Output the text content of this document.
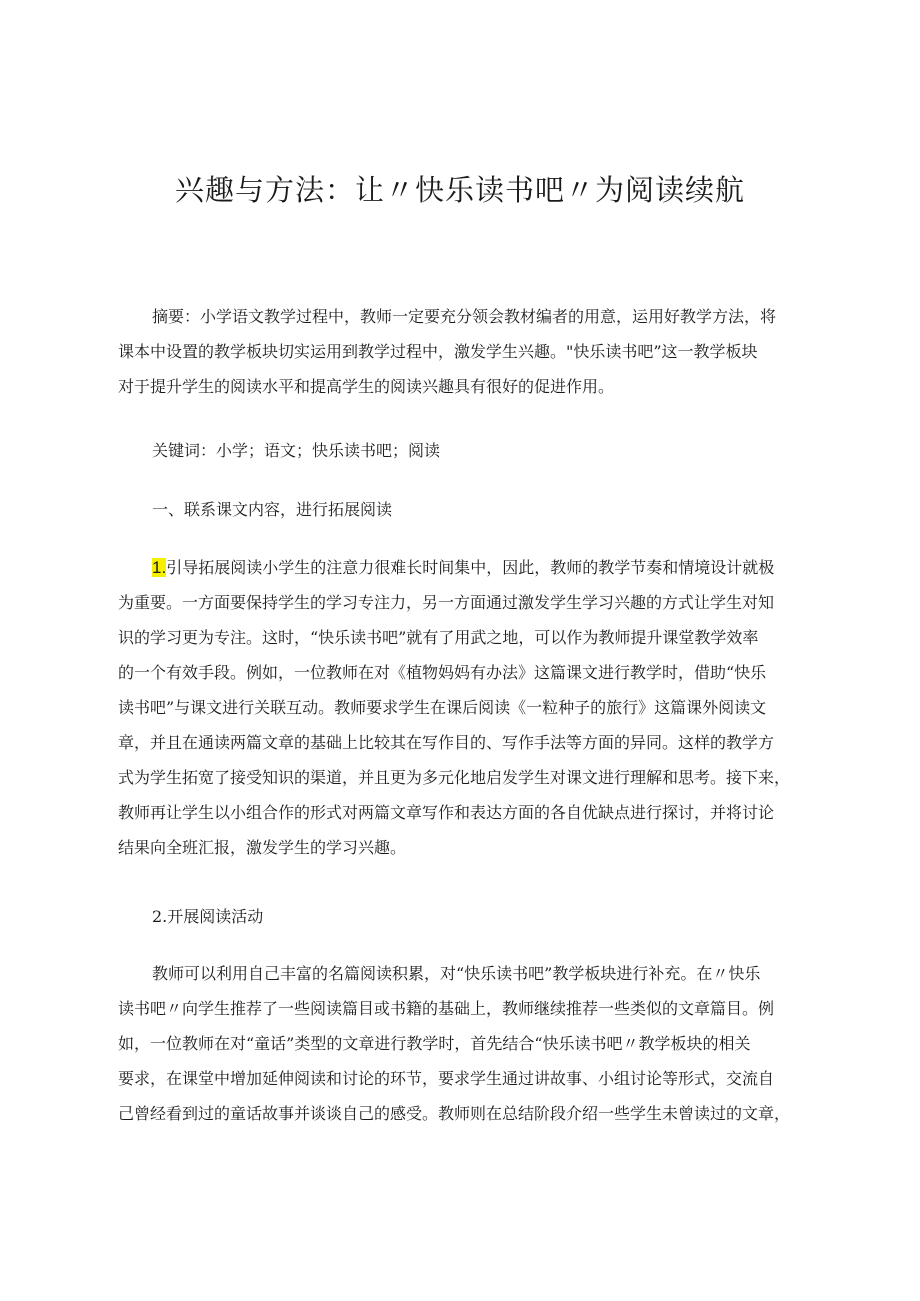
兴趣与方法：让〃快乐读书吧〃为阅读续航
摘要：小学语文教学过程中，教师一定要充分领会教材编者的用意，运用好教学方法，将
课本中设置的教学板块切实运用到教学过程中，激发学生兴趣。"快乐读书吧”这一教学板块
对于提升学生的阅读水平和提高学生的阅读兴趣具有很好的促进作用。
关键词：小学；语文；快乐读书吧；阅读
一、联系课文内容，进行拓展阅读
1.引导拓展阅读小学生的注意力很难长时间集中，因此，教师的教学节奏和情境设计就极
为重要。一方面要保持学生的学习专注力，另一方面通过激发学生学习兴趣的方式让学生对知
识的学习更为专注。这时，“快乐读书吧”就有了用武之地，可以作为教师提升课堂教学效率
的一个有效手段。例如，一位教师在对《植物妈妈有办法》这篇课文进行教学时，借助“快乐
读书吧”与课文进行关联互动。教师要求学生在课后阅读《一粒种子的旅行》这篇课外阅读文
章，并且在通读两篇文章的基础上比较其在写作目的、写作手法等方面的异同。这样的教学方
式为学生拓宽了接受知识的渠道，并且更为多元化地启发学生对课文进行理解和思考。接下来，
教师再让学生以小组合作的形式对两篇文章写作和表达方面的各自优缺点进行探讨，并将讨论
结果向全班汇报，激发学生的学习兴趣。
2.开展阅读活动
教师可以利用自己丰富的名篇阅读积累，对“快乐读书吧”教学板块进行补充。在〃快乐
读书吧〃向学生推荐了一些阅读篇目或书籍的基础上，教师继续推荐一些类似的文章篇目。例
如，一位教师在对“童话”类型的文章进行教学时，首先结合“快乐读书吧〃教学板块的相关
要求，在课堂中增加延伸阅读和讨论的环节，要求学生通过讲故事、小组讨论等形式，交流自
己曾经看到过的童话故事并谈谈自己的感受。教师则在总结阶段介绍一些学生未曾读过的文章，
